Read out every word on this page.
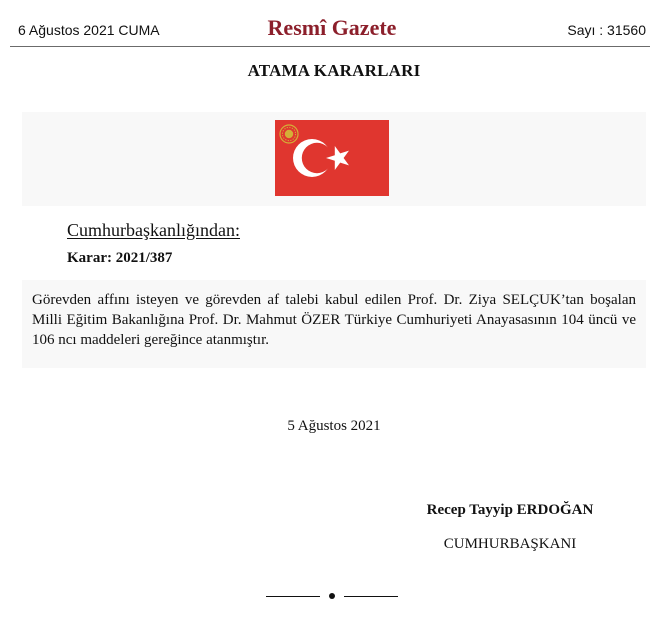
6 Ağustos 2021 CUMA	Resmî Gazete	Sayı : 31560
ATAMA KARARLARI
Cumhurbaşkanlığından:
Karar: 2021/387
Görevden affını isteyen ve görevden af talebi kabul edilen Prof. Dr. Ziya SELÇUK’tan boşalan Milli Eğitim Bakanlığına Prof. Dr. Mahmut ÖZER Türkiye Cumhuriyeti Anayasasının 104 üncü ve 106 ncı maddeleri gereğince atanmıştır.
5 Ağustos 2021
Recep Tayyip ERDOĞAN
CUMHURBAŞKANI
